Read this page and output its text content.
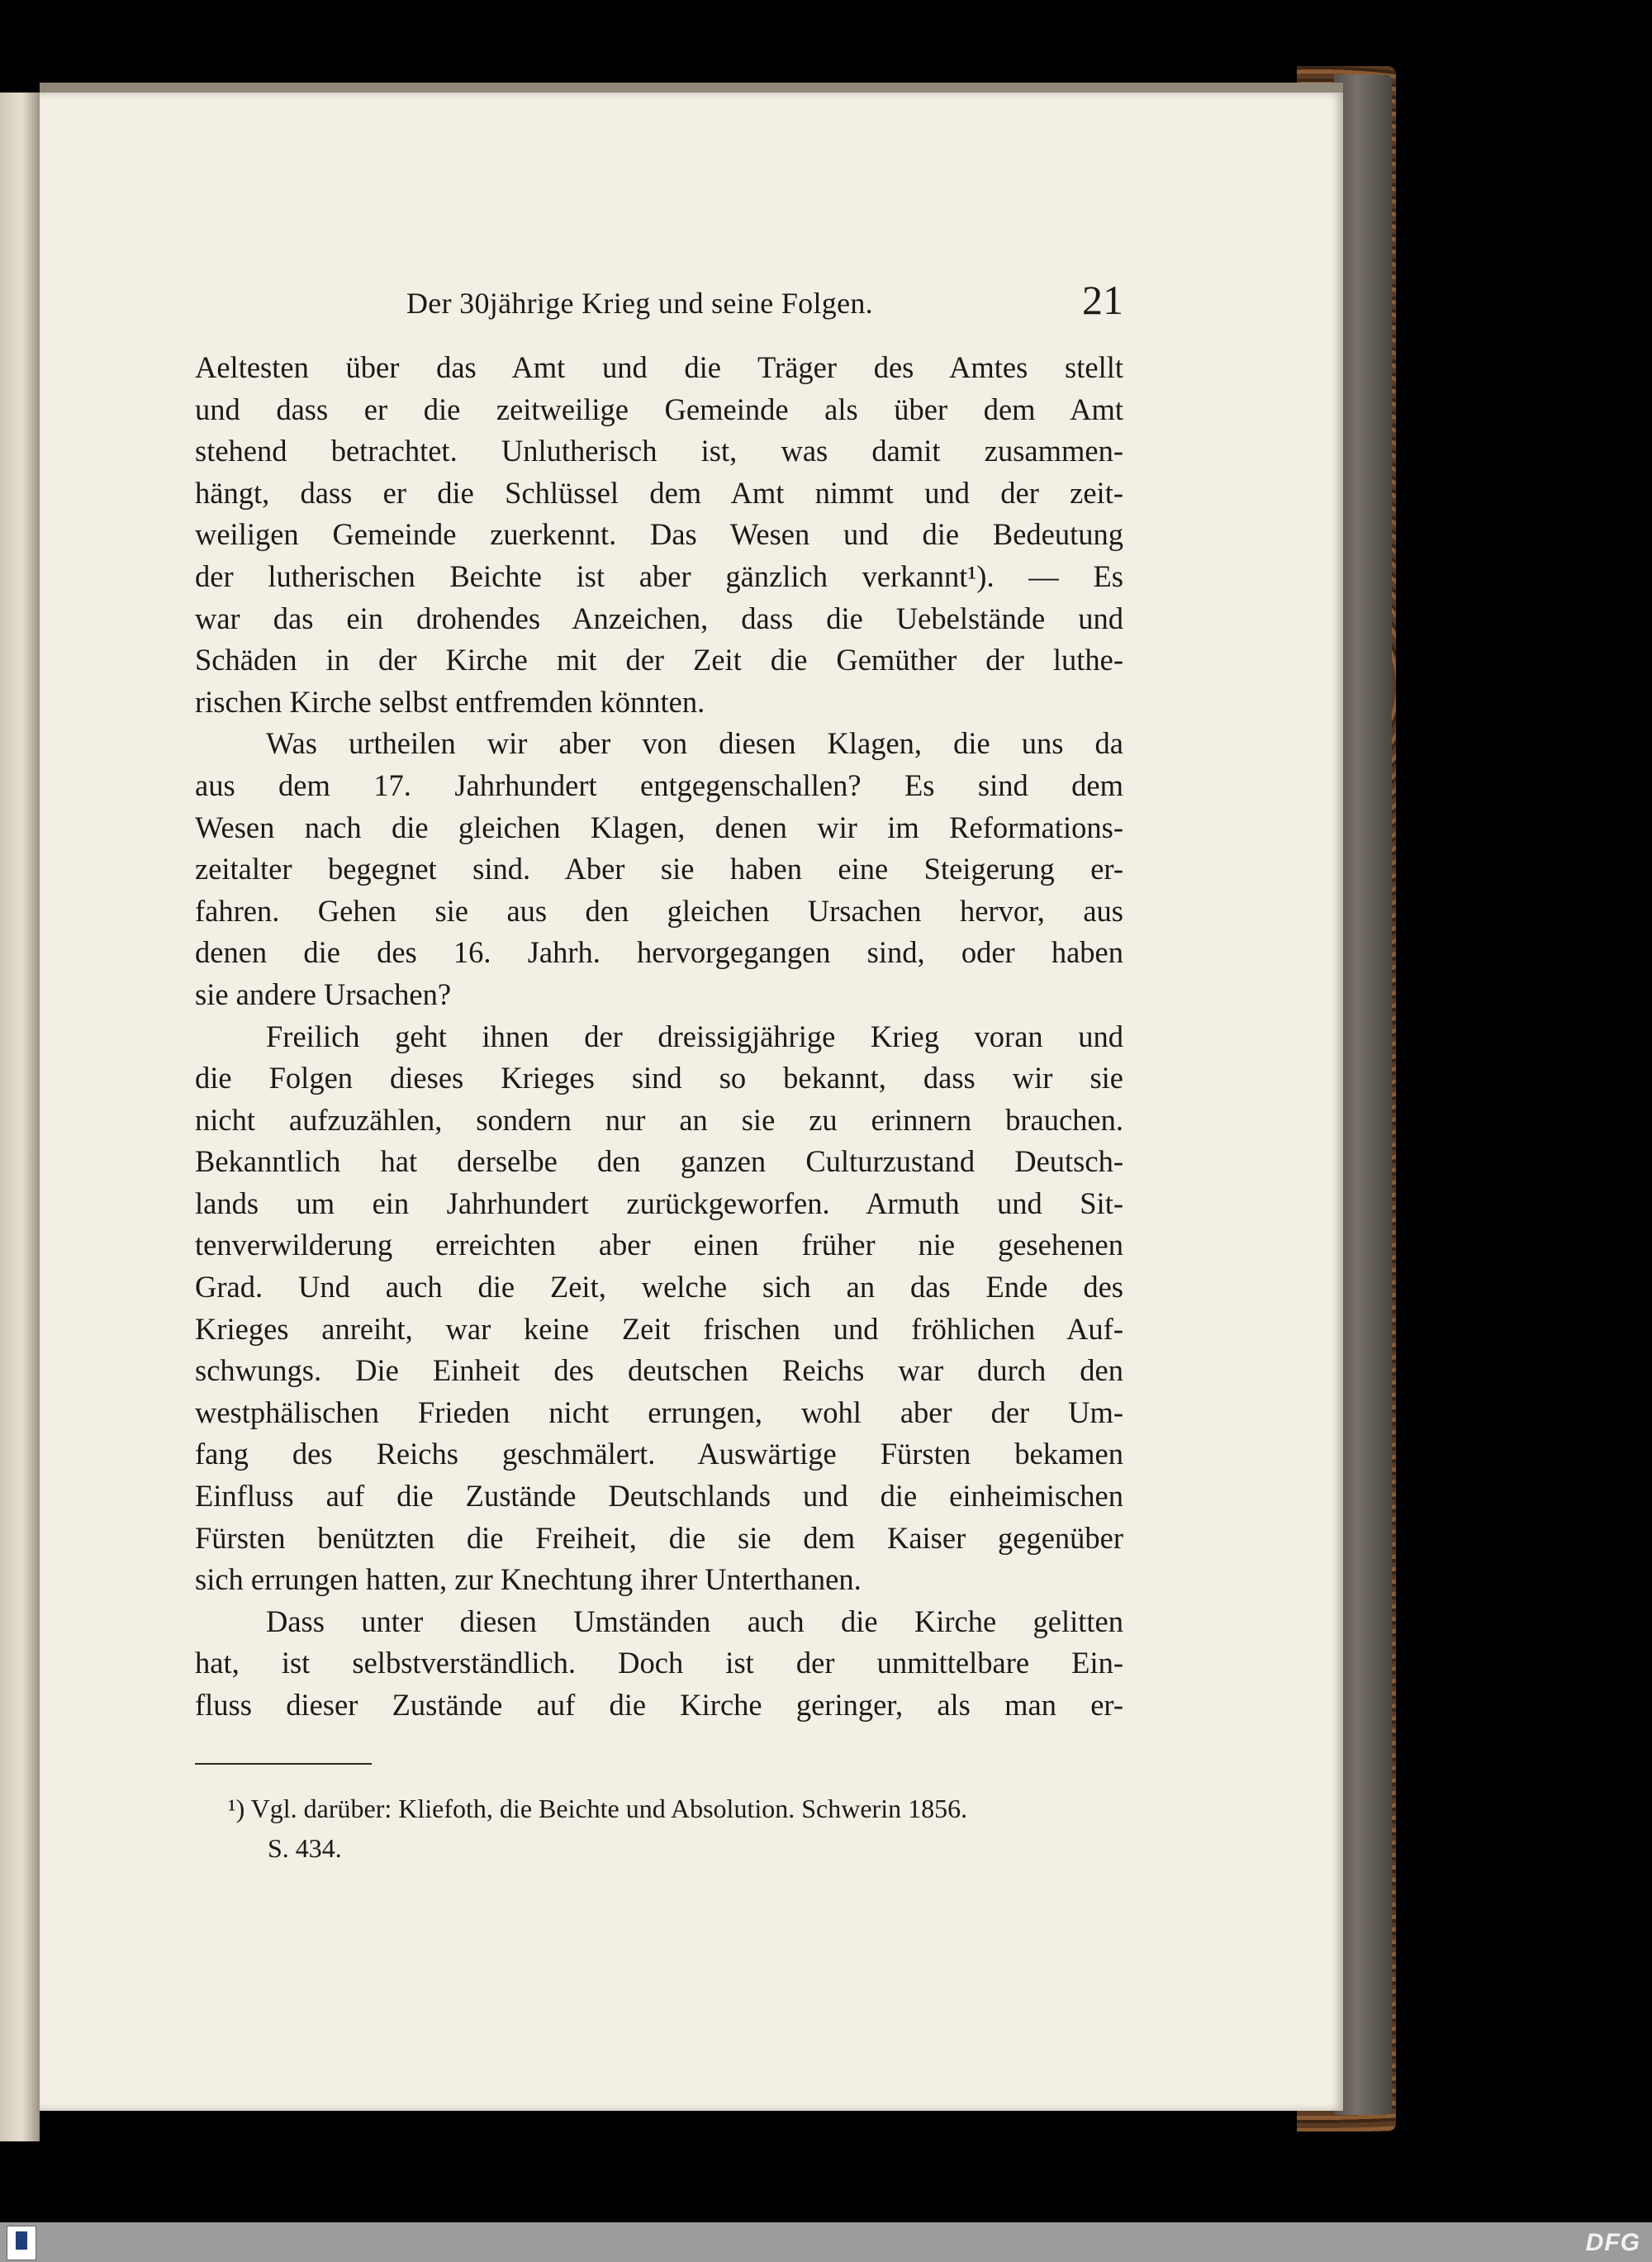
Der 30jährige Krieg und seine Folgen.	21
Aeltesten über das Amt und die Träger des Amtes stellt
und dass er die zeitweilige Gemeinde als über dem Amt
stehend betrachtet. Unlutherisch ist, was damit zusammen-
hängt, dass er die Schlüssel dem Amt nimmt und der zeit-
weiligen Gemeinde zuerkennt. Das Wesen und die Bedeutung
der lutherischen Beichte ist aber gänzlich verkannt¹). — Es
war das ein drohendes Anzeichen, dass die Uebelstände und
Schäden in der Kirche mit der Zeit die Gemüther der luthe-
rischen Kirche selbst entfremden könnten.
Was urtheilen wir aber von diesen Klagen, die uns da
aus dem 17. Jahrhundert entgegenschallen? Es sind dem
Wesen nach die gleichen Klagen, denen wir im Reformations-
zeitalter begegnet sind. Aber sie haben eine Steigerung er-
fahren. Gehen sie aus den gleichen Ursachen hervor, aus
denen die des 16. Jahrh. hervorgegangen sind, oder haben
sie andere Ursachen?
Freilich geht ihnen der dreissigjährige Krieg voran und
die Folgen dieses Krieges sind so bekannt, dass wir sie
nicht aufzuzählen, sondern nur an sie zu erinnern brauchen.
Bekanntlich hat derselbe den ganzen Culturzustand Deutsch-
lands um ein Jahrhundert zurückgeworfen. Armuth und Sit-
tenverwilderung erreichten aber einen früher nie gesehenen
Grad. Und auch die Zeit, welche sich an das Ende des
Krieges anreiht, war keine Zeit frischen und fröhlichen Auf-
schwungs. Die Einheit des deutschen Reichs war durch den
westphälischen Frieden nicht errungen, wohl aber der Um-
fang des Reichs geschmälert. Auswärtige Fürsten bekamen
Einfluss auf die Zustände Deutschlands und die einheimischen
Fürsten benützten die Freiheit, die sie dem Kaiser gegenüber
sich errungen hatten, zur Knechtung ihrer Unterthanen.
Dass unter diesen Umständen auch die Kirche gelitten
hat, ist selbstverständlich. Doch ist der unmittelbare Ein-
fluss dieser Zustände auf die Kirche geringer, als man er-
¹) Vgl. darüber: Kliefoth, die Beichte und Absolution. Schwerin 1856.
S. 434.
DFG
